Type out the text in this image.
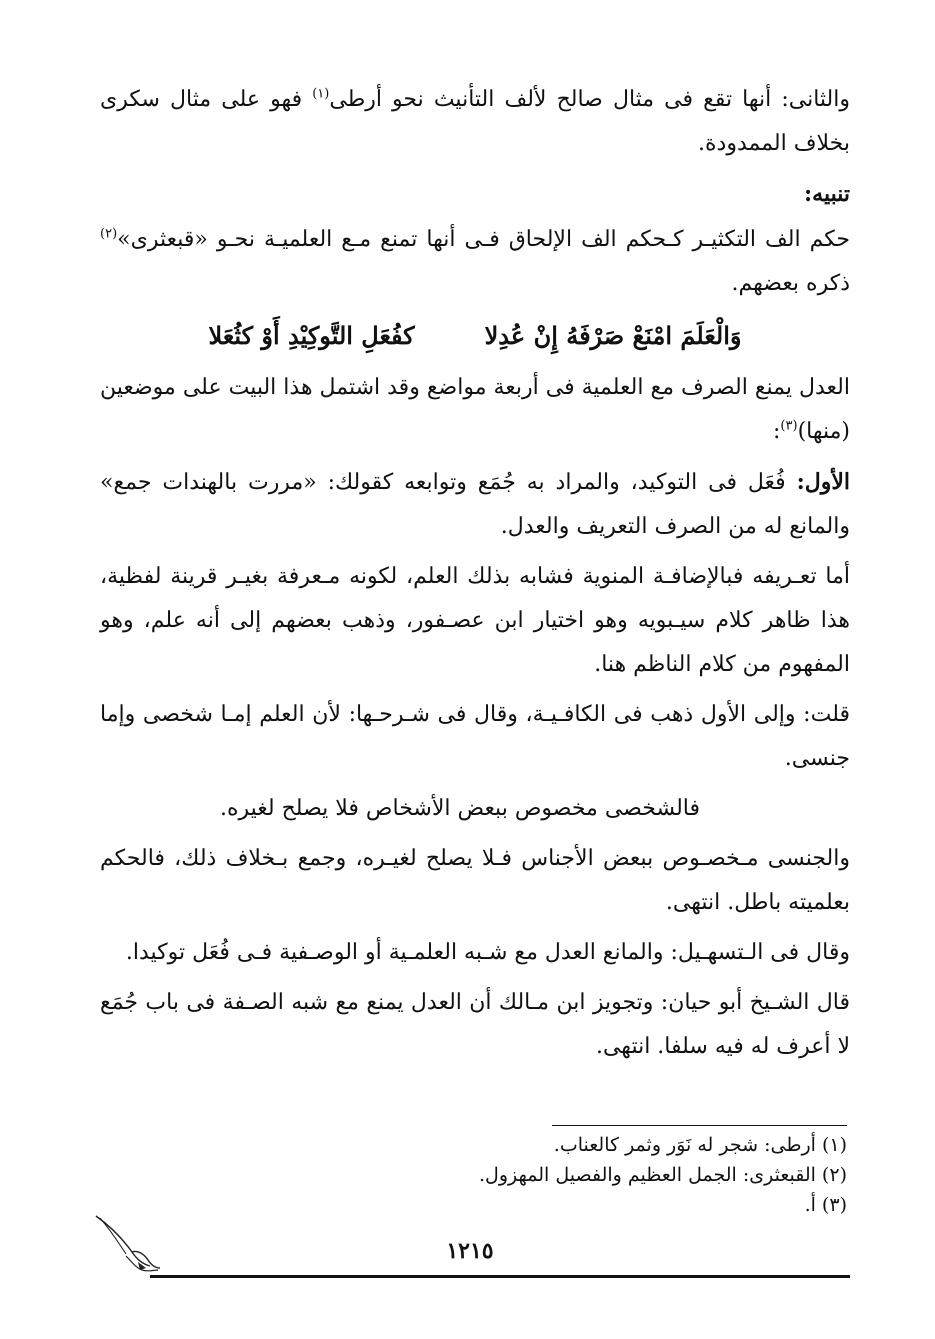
والثانى: أنها تقع فى مثال صالح لألف التأنيث نحو أرطى$^{(١)}$ فهو على مثال سكرى بخلاف الممدودة.

تنبيه:

حكم الف التكثيـر كـحكم الف الإلحاق فـى أنها تمنع مـع العلميـة نحـو «قبعثرى»$^{(٢)}$ ذكره بعضهم.

وَالْعَلَمَ امْنَعْ صَرْفَهُ إِنْ عُدِلا
كفُعَلِ التَّوكِيْدِ أَوْ كثُعَلا

العدل يمنع الصرف مع العلمية فى أربعة مواضع وقد اشتمل هذا البيت على موضعين (منها)$^{(٣)}$:

الأول: فُعَل فى التوكيد، والمراد به جُمَع وتوابعه كقولك: «مررت بالهندات جمع» والمانع له من الصرف التعريف والعدل.

أما تعـريفه فبالإضافـة المنوية فشابه بذلك العلم، لكونه مـعرفة بغيـر قرينة لفظية، هذا ظاهر كلام سيـبويه وهو اختيار ابن عصـفور، وذهب بعضهم إلى أنه علم، وهو المفهوم من كلام الناظم هنا.

قلت: وإلى الأول ذهب فى الكافـيـة، وقال فى شـرحـها: لأن العلم إمـا شخصى وإما جنسى.

فالشخصى مخصوص ببعض الأشخاص فلا يصلح لغيره.

والجنسى مـخصـوص ببعض الأجناس فـلا يصلح لغيـره، وجمع بـخلاف ذلك، فالحكم بعلميته باطل. انتهى.

وقال فى الـتسهـيل: والمانع العدل مع شـبه العلمـية أو الوصـفية فـى فُعَل توكيدا.

قال الشـيخ أبو حيان: وتجويز ابن مـالك أن العدل يمنع مع شبه الصـفة فى باب جُمَع لا أعرف له فيه سلفا. انتهى.

(١) أرطى: شجر له نَوَر وثمر كالعناب.

(٢) القبعثرى: الجمل العظيم والفصيل المهزول.

(٣) أ.

١٢١٥
